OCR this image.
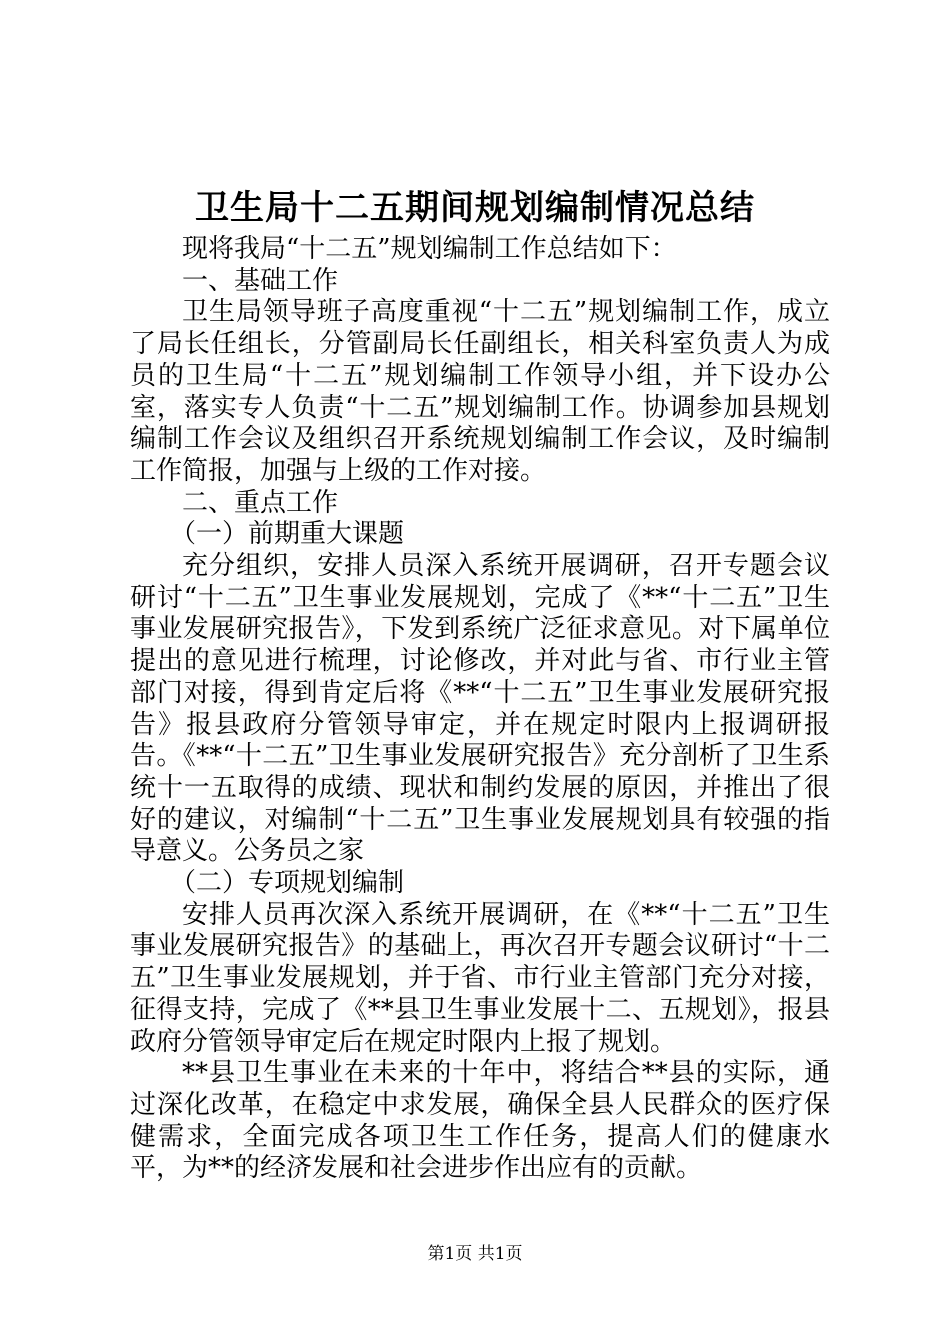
卫生局十二五期间规划编制情况总结

现将我局“十二五”规划编制工作总结如下：

一、基础工作

卫生局领导班子高度重视“十二五”规划编制工作，成立了局长任组长，分管副局长任副组长，相关科室负责人为成员的卫生局“十二五”规划编制工作领导小组，并下设办公室，落实专人负责“十二五”规划编制工作。协调参加县规划编制工作会议及组织召开系统规划编制工作会议，及时编制工作简报，加强与上级的工作对接。

二、重点工作

（一）前期重大课题

充分组织，安排人员深入系统开展调研，召开专题会议研讨“十二五”卫生事业发展规划，完成了《**“十二五”卫生事业发展研究报告》，下发到系统广泛征求意见。对下属单位提出的意见进行梳理，讨论修改，并对此与省、市行业主管部门对接，得到肯定后将《**“十二五”卫生事业发展研究报告》报县政府分管领导审定，并在规定时限内上报调研报告。《**“十二五”卫生事业发展研究报告》充分剖析了卫生系统十一五取得的成绩、现状和制约发展的原因，并推出了很好的建议，对编制“十二五”卫生事业发展规划具有较强的指导意义。公务员之家

（二）专项规划编制

安排人员再次深入系统开展调研，在《**“十二五”卫生事业发展研究报告》的基础上，再次召开专题会议研讨“十二五”卫生事业发展规划，并于省、市行业主管部门充分对接，征得支持，完成了《**县卫生事业发展十二、五规划》，报县政府分管领导审定后在规定时限内上报了规划。

**县卫生事业在未来的十年中，将结合**县的实际，通过深化改革，在稳定中求发展，确保全县人民群众的医疗保健需求，全面完成各项卫生工作任务，提高人们的健康水平，为**的经济发展和社会进步作出应有的贡献。

第1页 共1页
